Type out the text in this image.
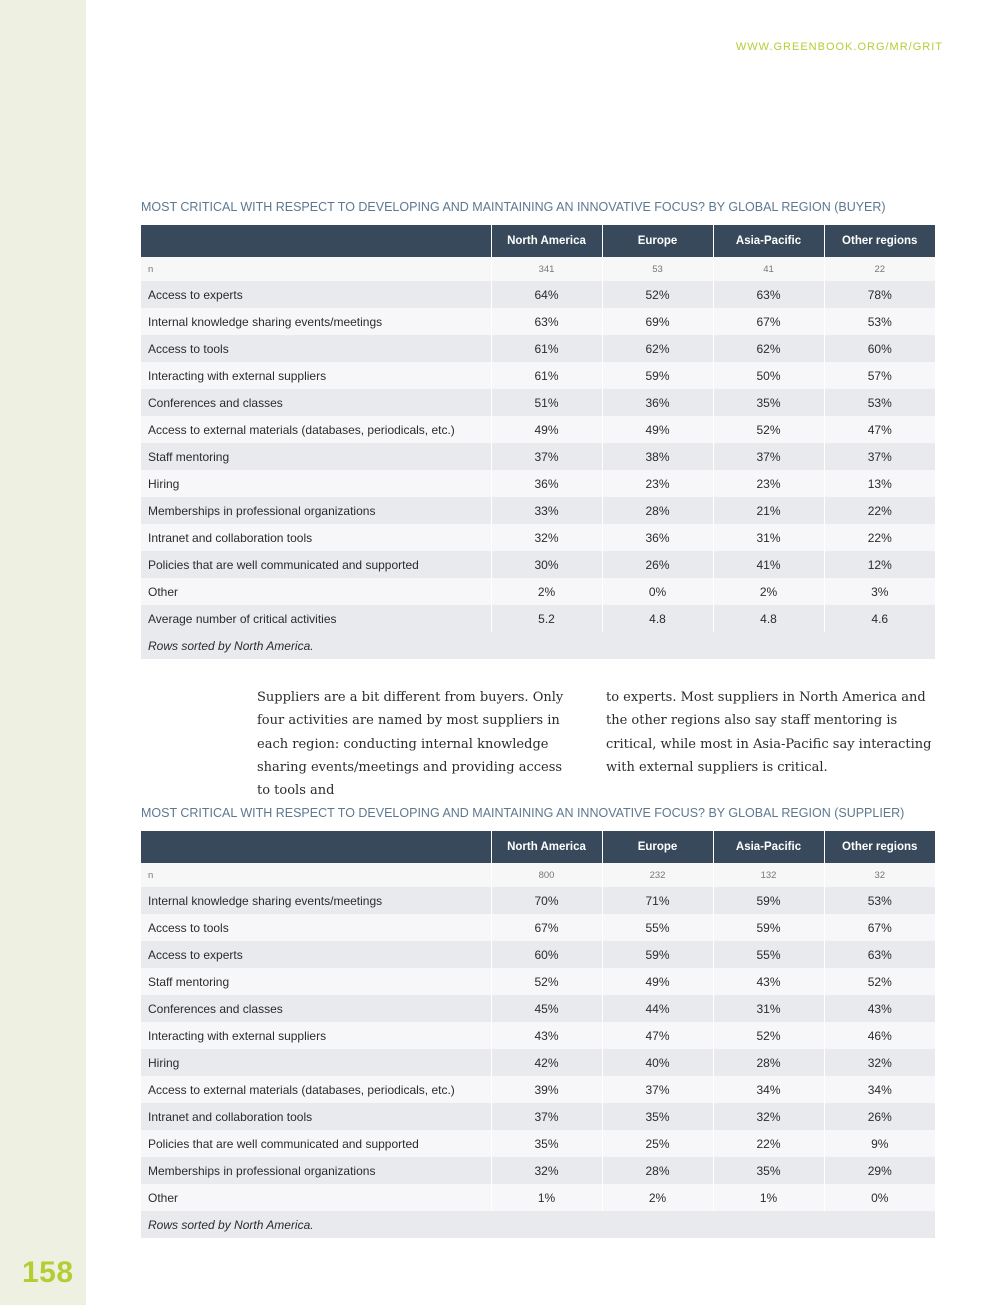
158
WWW.GREENBOOK.ORG/MR/GRIT
MOST CRITICAL WITH RESPECT TO DEVELOPING AND MAINTAINING AN INNOVATIVE FOCUS? BY GLOBAL REGION (BUYER)
	North America	Europe	Asia-Pacific	Other regions
n	341	53	41	22
Access to experts	64%	52%	63%	78%
Internal knowledge sharing events/meetings	63%	69%	67%	53%
Access to tools	61%	62%	62%	60%
Interacting with external suppliers	61%	59%	50%	57%
Conferences and classes	51%	36%	35%	53%
Access to external materials (databases, periodicals, etc.)	49%	49%	52%	47%
Staff mentoring	37%	38%	37%	37%
Hiring	36%	23%	23%	13%
Memberships in professional organizations	33%	28%	21%	22%
Intranet and collaboration tools	32%	36%	31%	22%
Policies that are well communicated and supported	30%	26%	41%	12%
Other	2%	0%	2%	3%
Average number of critical activities	5.2	4.8	4.8	4.6
Rows sorted by North America.				
Suppliers are a bit different from buyers. Only four activities are named by most suppliers in each region: conducting internal knowledge sharing events/meetings and providing access to tools and
to experts. Most suppliers in North America and the other regions also say staff mentoring is critical, while most in Asia-Pacific say interacting with external suppliers is critical.
MOST CRITICAL WITH RESPECT TO DEVELOPING AND MAINTAINING AN INNOVATIVE FOCUS? BY GLOBAL REGION (SUPPLIER)
	North America	Europe	Asia-Pacific	Other regions
n	800	232	132	32
Internal knowledge sharing events/meetings	70%	71%	59%	53%
Access to tools	67%	55%	59%	67%
Access to experts	60%	59%	55%	63%
Staff mentoring	52%	49%	43%	52%
Conferences and classes	45%	44%	31%	43%
Interacting with external suppliers	43%	47%	52%	46%
Hiring	42%	40%	28%	32%
Access to external materials (databases, periodicals, etc.)	39%	37%	34%	34%
Intranet and collaboration tools	37%	35%	32%	26%
Policies that are well communicated and supported	35%	25%	22%	9%
Memberships in professional organizations	32%	28%	35%	29%
Other	1%	2%	1%	0%
Rows sorted by North America.				
